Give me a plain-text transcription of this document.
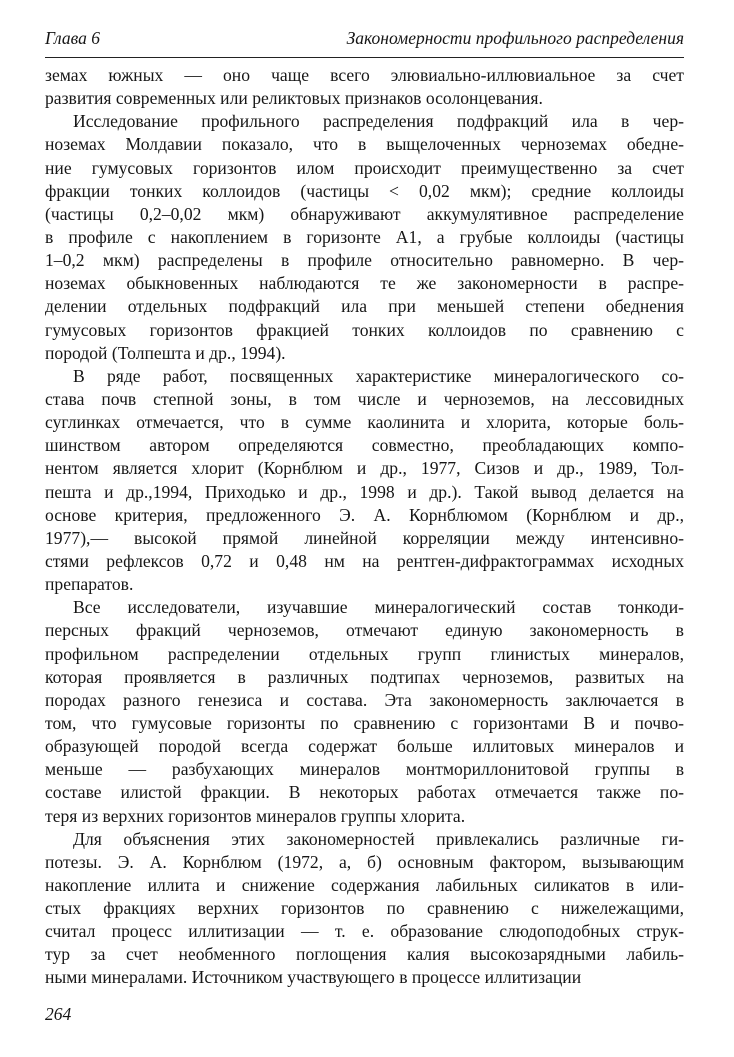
Глава 6	Закономерности профильного распределения
земах южных — оно чаще всего элювиально-иллювиальное за счет
развития современных или реликтовых признаков осолонцевания.
Исследование профильного распределения подфракций ила в чер-
ноземах Молдавии показало, что в выщелоченных черноземах обедне-
ние гумусовых горизонтов илом происходит преимущественно за счет
фракции тонких коллоидов (частицы < 0,02 мкм); средние коллоиды
(частицы 0,2–0,02 мкм) обнаруживают аккумулятивное распределение
в профиле с накоплением в горизонте A1, а грубые коллоиды (частицы
1–0,2 мкм) распределены в профиле относительно равномерно. В чер-
ноземах обыкновенных наблюдаются те же закономерности в распре-
делении отдельных подфракций ила при меньшей степени обеднения
гумусовых горизонтов фракцией тонких коллоидов по сравнению с
породой (Толпешта и др., 1994).
В ряде работ, посвященных характеристике минералогического со-
става почв степной зоны, в том числе и черноземов, на лессовидных
суглинках отмечается, что в сумме каолинита и хлорита, которые боль-
шинством автором определяются совместно, преобладающих компо-
нентом является хлорит (Корнблюм и др., 1977, Сизов и др., 1989, Тол-
пешта и др.,1994, Приходько и др., 1998 и др.). Такой вывод делается на
основе критерия, предложенного Э. А. Корнблюмом (Корнблюм и др.,
1977),— высокой прямой линейной корреляции между интенсивно-
стями рефлексов 0,72 и 0,48 нм на рентген-дифрактограммах исходных
препаратов.
Все исследователи, изучавшие минералогический состав тонкоди-
персных фракций черноземов, отмечают единую закономерность в
профильном распределении отдельных групп глинистых минералов,
которая проявляется в различных подтипах черноземов, развитых на
породах разного генезиса и состава. Эта закономерность заключается в
том, что гумусовые горизонты по сравнению с горизонтами B и почво-
образующей породой всегда содержат больше иллитовых минералов и
меньше — разбухающих минералов монтмориллонитовой группы в
составе илистой фракции. В некоторых работах отмечается также по-
теря из верхних горизонтов минералов группы хлорита.
Для объяснения этих закономерностей привлекались различные ги-
потезы. Э. А. Корнблюм (1972, а, б) основным фактором, вызывающим
накопление иллита и снижение содержания лабильных силикатов в или-
стых фракциях верхних горизонтов по сравнению с нижележащими,
считал процесс иллитизации — т. е. образование слюдоподобных струк-
тур за счет необменного поглощения калия высокозарядными лабиль-
ными минералами. Источником участвующего в процессе иллитизации
264
